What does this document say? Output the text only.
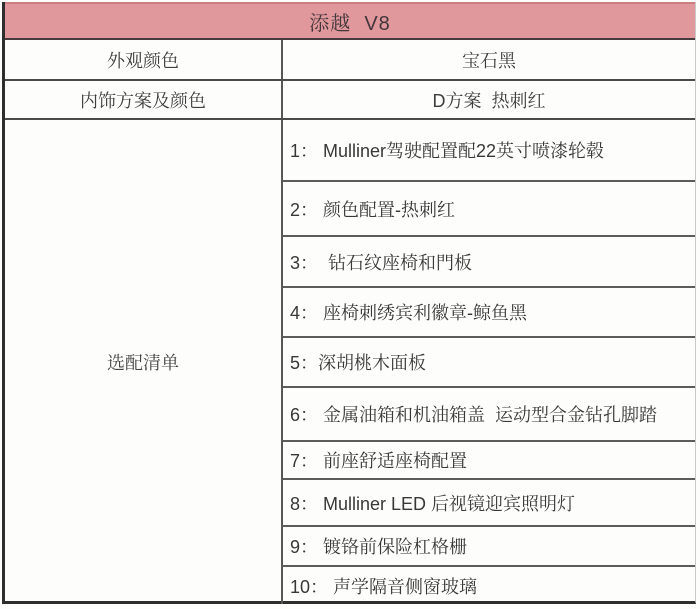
添越  V8
外观颜色	宝石黑
内饰方案及颜色	D方案  热刺红
选配清单
1： Mulliner驾驶配置配22英寸喷漆轮毂
2： 颜色配置-热刺红
3：  钻石纹座椅和門板
4： 座椅刺绣宾利徽章-鲸鱼黑
5：深胡桃木面板
6： 金属油箱和机油箱盖  运动型合金钻孔脚踏
7： 前座舒适座椅配置
8： Mulliner LED 后视镜迎宾照明灯
9： 镀铬前保险杠格栅
10： 声学隔音侧窗玻璃
